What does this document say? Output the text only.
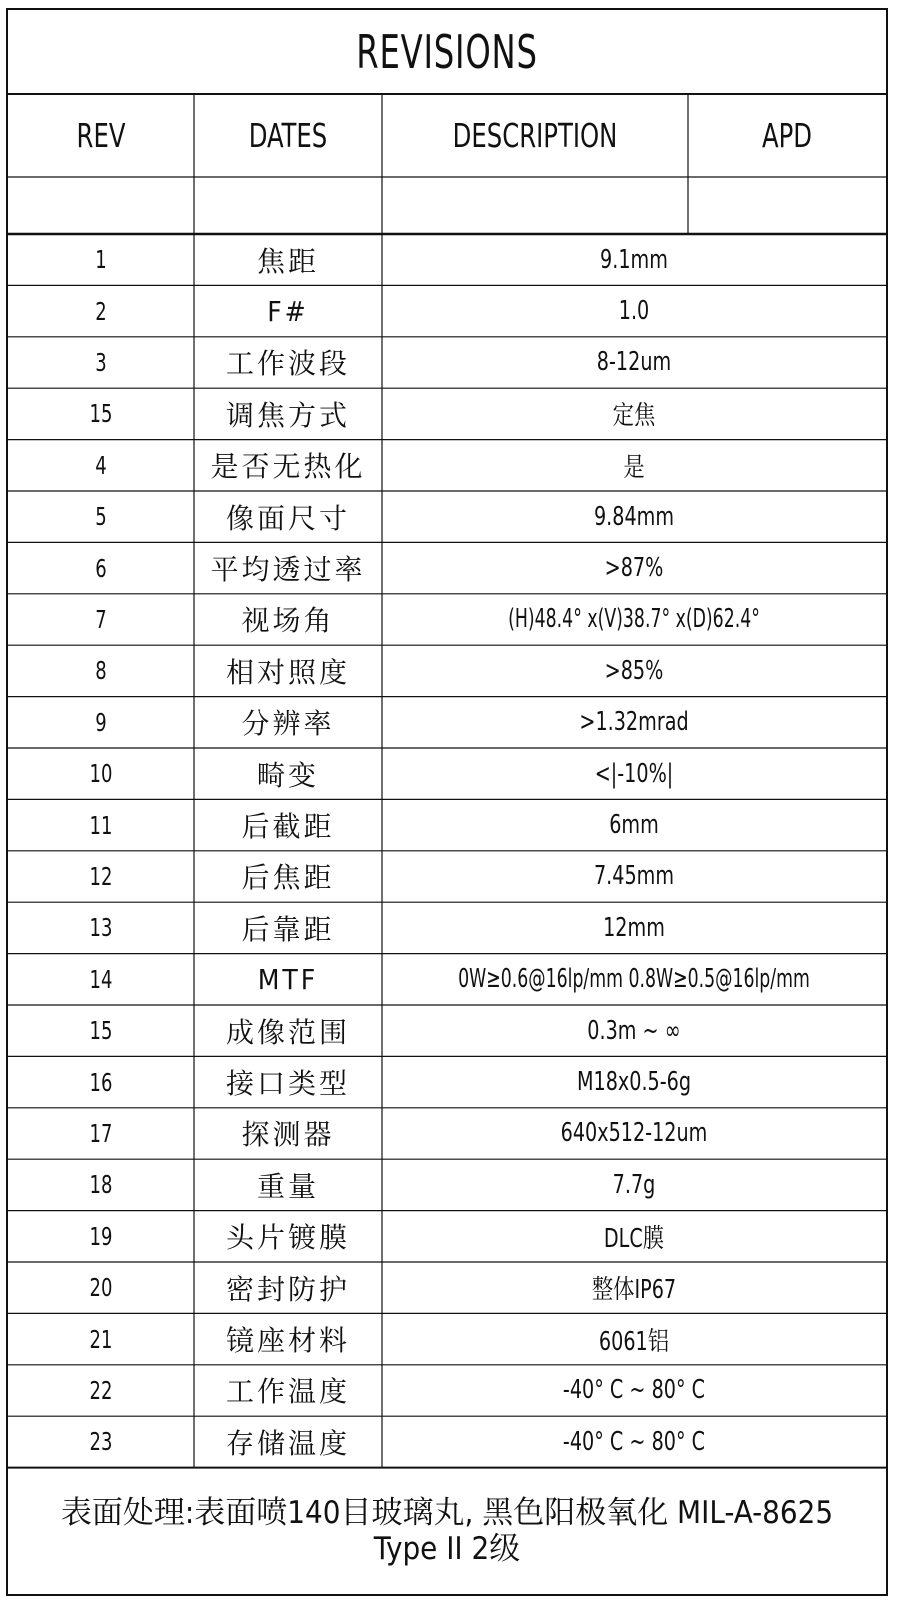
REVISIONS
REV	DATES	DESCRIPTION	APD
1	焦距	9.1mm
2	F#	1.0
3	工作波段	8-12um
15	调焦方式	定焦
4	是否无热化	是
5	像面尺寸	9.84mm
6	平均透过率	>87%
7	视场角	(H)48.4° x(V)38.7° x(D)62.4°
8	相对照度	>85%
9	分辨率	>1.32mrad
10	畸变	<|-10%|
11	后截距	6mm
12	后焦距	7.45mm
13	后靠距	12mm
14	MTF	0W≥0.6@16lp/mm 0.8W≥0.5@16lp/mm
15	成像范围	0.3m ~ ∞
16	接口类型	M18x0.5-6g
17	探测器	640x512-12um
18	重量	7.7g
19	头片镀膜	DLC膜
20	密封防护	整体IP67
21	镜座材料	6061铝
22	工作温度	-40° C ~ 80° C
23	存储温度	-40° C ~ 80° C
表面处理:表面喷140目玻璃丸, 黑色阳极氧化 MIL-A-8625
Type II 2级
